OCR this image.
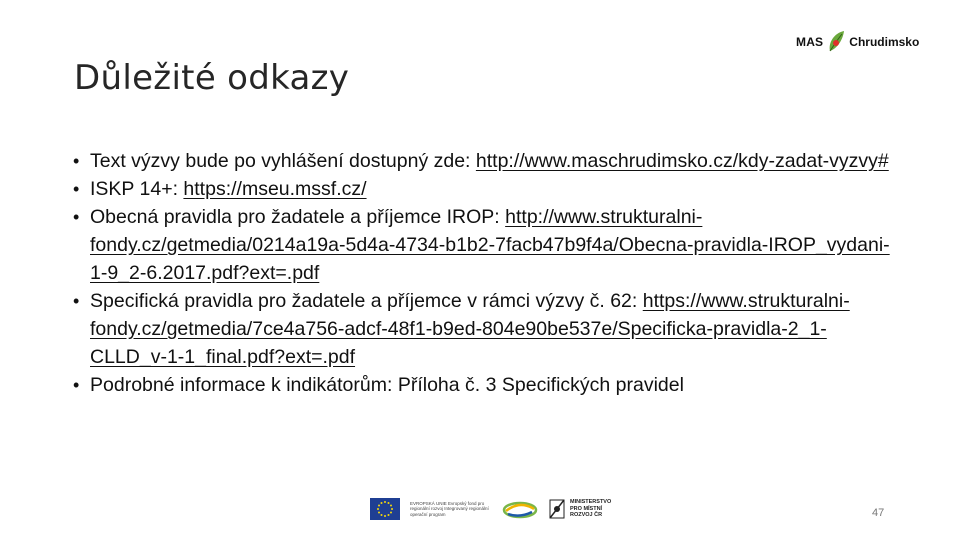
MAS Chrudimsko
Důležité odkazy
• Text výzvy bude po vyhlášení dostupný zde: http://www.maschrudimsko.cz/kdy-zadat-vyzvy#
• ISKP 14+: https://mseu.mssf.cz/
• Obecná pravidla pro žadatele a příjemce IROP: http://www.strukturalni-fondy.cz/getmedia/0214a19a-5d4a-4734-b1b2-7facb47b9f4a/Obecna-pravidla-IROP_vydani-1-9_2-6.2017.pdf?ext=.pdf
• Specifická pravidla pro žadatele a příjemce v rámci výzvy č. 62: https://www.strukturalni-fondy.cz/getmedia/7ce4a756-adcf-48f1-b9ed-804e90be537e/Specificka-pravidla-2_1-CLLD_v-1-1_final.pdf?ext=.pdf
• Podrobné informace k indikátorům: Příloha č. 3 Specifických pravidel
EVROPSKÁ UNIE Evropský fond pro regionální rozvoj Integrovaný regionální operační program
MINISTERSTVO
PRO MÍSTNÍ
ROZVOJ ČR	47
